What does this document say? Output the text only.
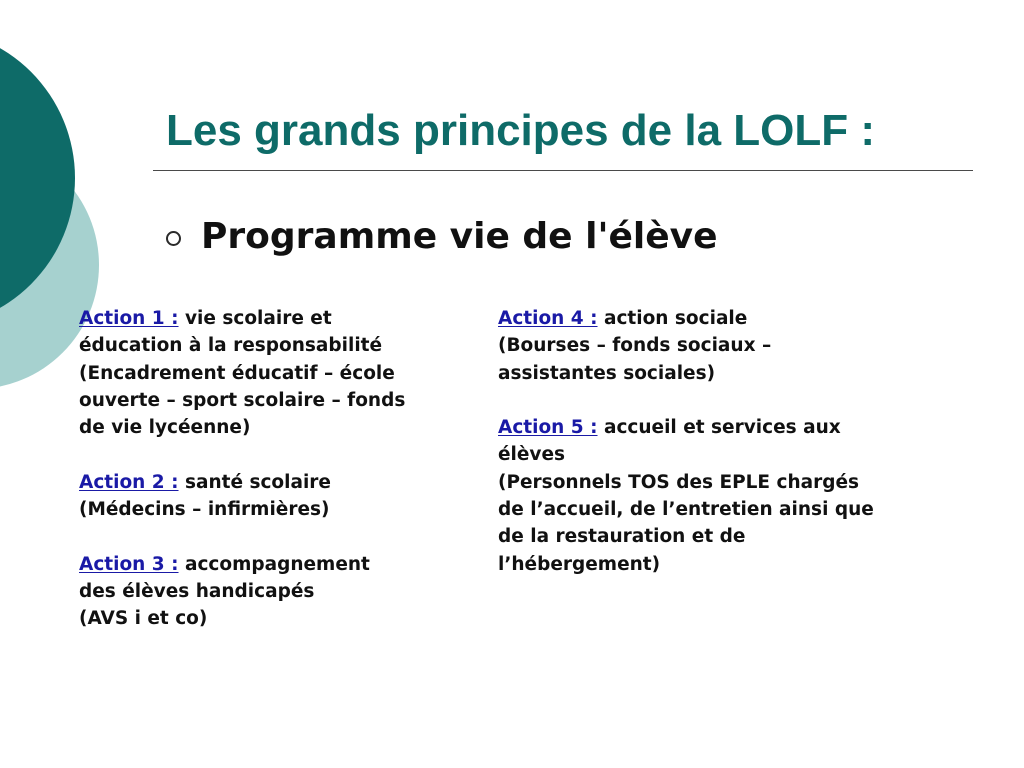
Les grands principes de la LOLF :
Programme vie de l'élève
Action 1 : vie scolaire et
éducation à la responsabilité
(Encadrement éducatif – école
ouverte – sport scolaire – fonds
de vie lycéenne)
Action 2 : santé scolaire
(Médecins – infirmières)
Action 3 : accompagnement
des élèves handicapés
(AVS i et co)
Action 4 : action sociale
(Bourses – fonds sociaux –
assistantes sociales)
Action 5 : accueil et services aux
élèves
(Personnels TOS des EPLE chargés
de l’accueil, de l’entretien ainsi que
de la restauration et de
l’hébergement)
